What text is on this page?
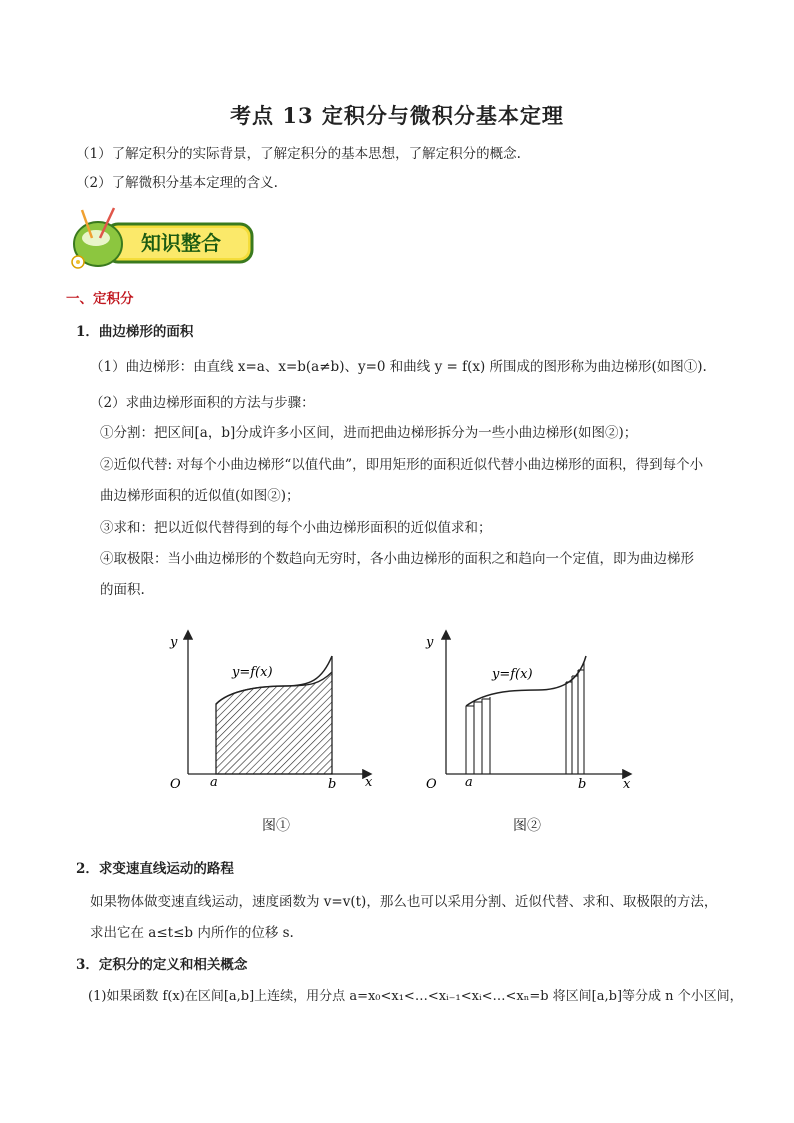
考点 13 定积分与微积分基本定理
（1）了解定积分的实际背景，了解定积分的基本思想，了解定积分的概念.
（2）了解微积分基本定理的含义.
知识整合
一、定积分
1．曲边梯形的面积
（1）曲边梯形：由直线 x=a、x=b(a≠b)、y=0 和曲线 y = f(x) 所围成的图形称为曲边梯形(如图①).
（2）求曲边梯形面积的方法与步骤：
①分割：把区间[a，b]分成许多小区间，进而把曲边梯形拆分为一些小曲边梯形(如图②)；
②近似代替: 对每个小曲边梯形“以值代曲”，即用矩形的面积近似代替小曲边梯形的面积，得到每个小
曲边梯形面积的近似值(如图②)；
③求和：把以近似代替得到的每个小曲边梯形面积的近似值求和；
④取极限：当小曲边梯形的个数趋向无穷时，各小曲边梯形的面积之和趋向一个定值，即为曲边梯形
的面积.
y
x
O a	b
y=f(x)
图①
y
x
O a	b
y=f(x)
图②
2．求变速直线运动的路程
如果物体做变速直线运动，速度函数为 v=v(t)，那么也可以采用分割、近似代替、求和、取极限的方法，
求出它在 a≤t≤b 内所作的位移 s.
3．定积分的定义和相关概念
(1)如果函数 f(x)在区间[a,b]上连续，用分点 a=x₀<x₁<…<xᵢ₋₁<xᵢ<…<xₙ=b 将区间[a,b]等分成 n 个小区间，
